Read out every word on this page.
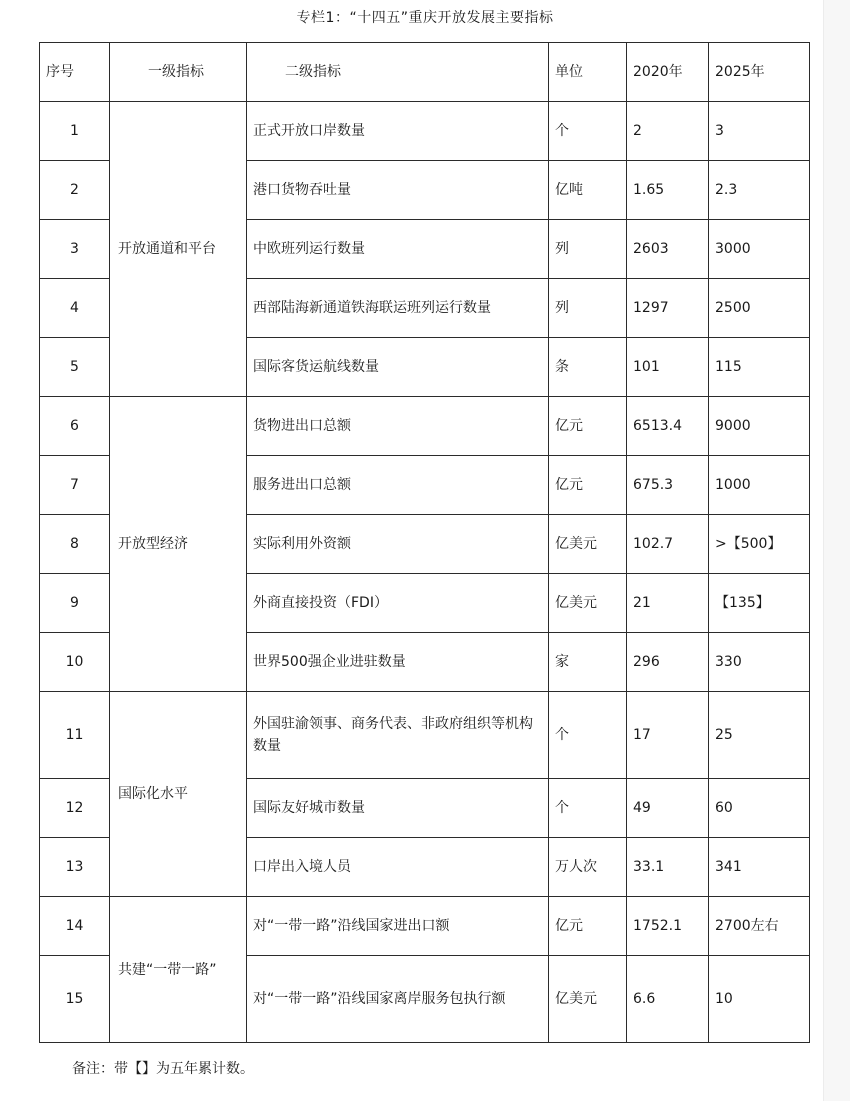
专栏1：“十四五”重庆开放发展主要指标
序号	一级指标	二级指标	单位	2020年	2025年
1	开放通道和平台	正式开放口岸数量	个	2	3
2		港口货物吞吐量	亿吨	1.65	2.3
3		中欧班列运行数量	列	2603	3000
4		西部陆海新通道铁海联运班列运行数量	列	1297	2500
5		国际客货运航线数量	条	101	115
6	开放型经济	货物进出口总额	亿元	6513.4	9000
7		服务进出口总额	亿元	675.3	1000
8		实际利用外资额	亿美元	102.7	>【500】
9		外商直接投资（FDI）	亿美元	21	【135】
10		世界500强企业进驻数量	家	296	330
11	国际化水平	外国驻渝领事、商务代表、非政府组织等机构数量	个	17	25
12		国际友好城市数量	个	49	60
13		口岸出入境人员	万人次	33.1	341
14	共建“一带一路”	对“一带一路”沿线国家进出口额	亿元	1752.1	2700左右
15		对“一带一路”沿线国家离岸服务包执行额	亿美元	6.6	10
备注：带【】为五年累计数。
